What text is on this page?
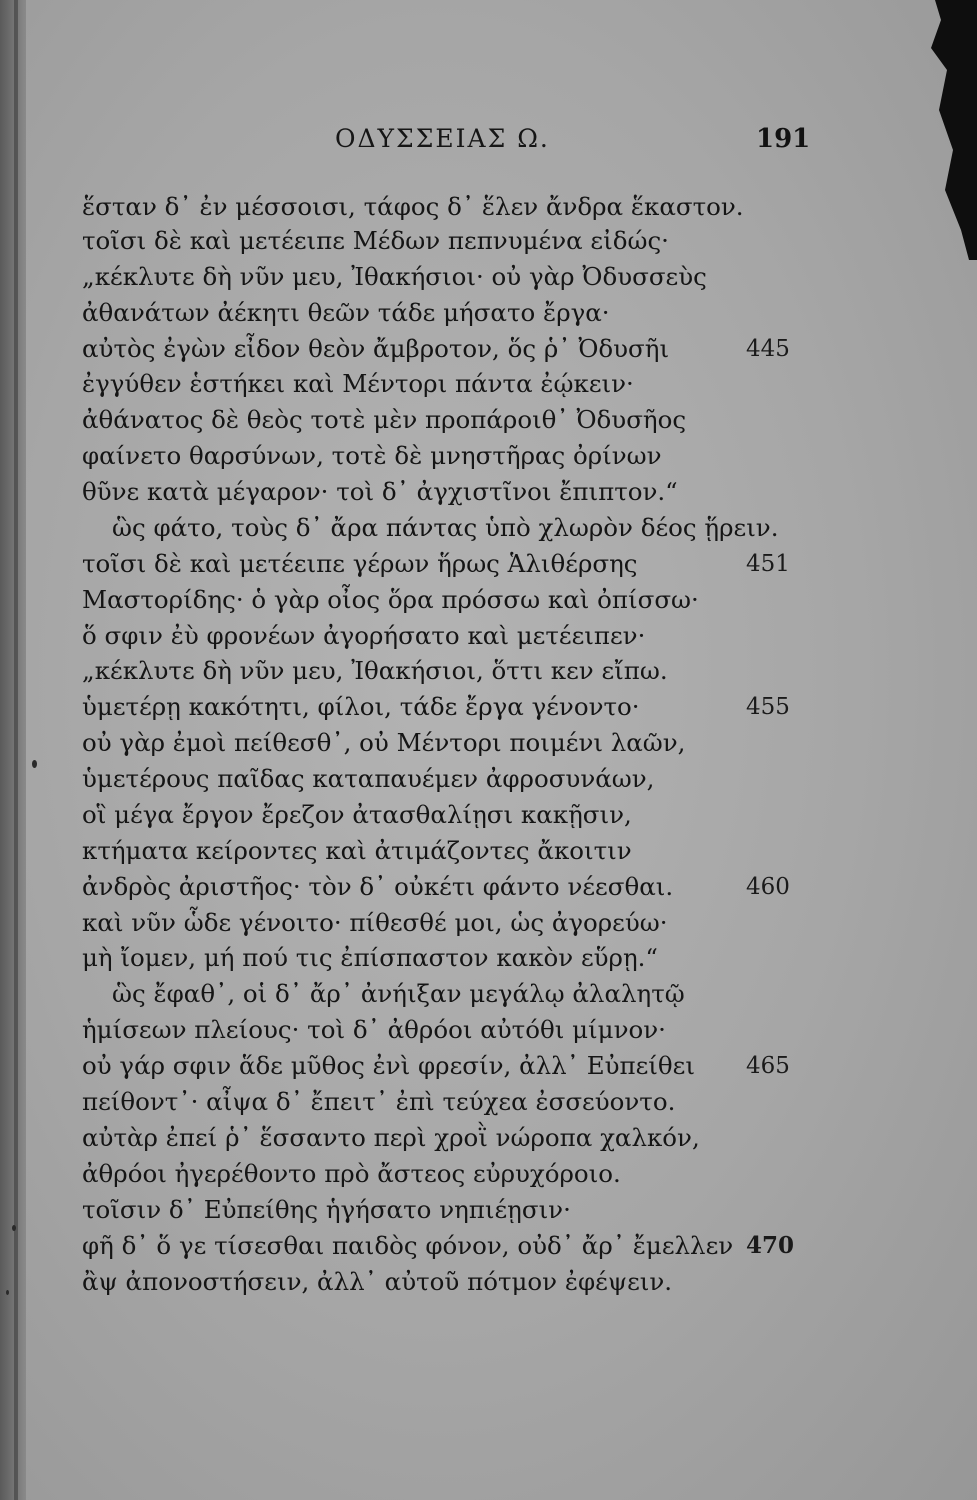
ΟΔΥΣΣΕΙΑΣ Ω.	191
ἕσταν δ᾽ ἐν μέσσοισι, τάφος δ᾽ ἕλεν ἄνδρα ἕκαστον.
τοῖσι δὲ καὶ μετέειπε Μέδων πεπνυμένα εἰδώς·
„κέκλυτε δὴ νῦν μευ, Ἰθακήσιοι· οὐ γὰρ Ὀδυσσεὺς
ἀθανάτων ἀέκητι θεῶν τάδε μήσατο ἔργα·
αὐτὸς ἐγὼν εἶδον θεὸν ἄμβροτον, ὅς ῥ᾽ Ὀδυσῆι	445
ἐγγύθεν ἑστήκει καὶ Μέντορι πάντα ἐῴκειν·
ἀθάνατος δὲ θεὸς τοτὲ μὲν προπάροιθ᾽ Ὀδυσῆος
φαίνετο θαρσύνων, τοτὲ δὲ μνηστῆρας ὀρίνων
θῦνε κατὰ μέγαρον· τοὶ δ᾽ ἀγχιστῖνοι ἔπιπτον.“
ὣς φάτο, τοὺς δ᾽ ἄρα πάντας ὑπὸ χλωρὸν δέος ᾕρειν.
τοῖσι δὲ καὶ μετέειπε γέρων ἥρως Ἁλιθέρσης	451
Μαστορίδης· ὁ γὰρ οἶος ὅρα πρόσσω καὶ ὀπίσσω·
ὅ σφιν ἐὺ φρονέων ἀγορήσατο καὶ μετέειπεν·
„κέκλυτε δὴ νῦν μευ, Ἰθακήσιοι, ὅττι κεν εἴπω.
ὑμετέρῃ κακότητι, φίλοι, τάδε ἔργα γένοντο·	455
οὐ γὰρ ἐμοὶ πείθεσθ᾽, οὐ Μέντορι ποιμένι λαῶν,
ὑμετέρους παῖδας καταπαυέμεν ἀφροσυνάων,
οἳ μέγα ἔργον ἔρεζον ἀτασθαλίῃσι κακῇσιν,
κτήματα κείροντες καὶ ἀτιμάζοντες ἄκοιτιν
ἀνδρὸς ἀριστῆος· τὸν δ᾽ οὐκέτι φάντο νέεσθαι.	460
καὶ νῦν ὧδε γένοιτο· πίθεσθέ μοι, ὡς ἀγορεύω·
μὴ ἴομεν, μή πού τις ἐπίσπαστον κακὸν εὕρῃ.“
ὣς ἔφαθ᾽, οἱ δ᾽ ἄρ᾽ ἀνήιξαν μεγάλῳ ἀλαλητῷ
ἡμίσεων πλείους· τοὶ δ᾽ ἀθρόοι αὐτόθι μίμνον·
οὐ γάρ σφιν ἅδε μῦθος ἐνὶ φρεσίν, ἀλλ᾽ Εὐπείθει 465
πείθοντ᾽· αἶψα δ᾽ ἔπειτ᾽ ἐπὶ τεύχεα ἐσσεύοντο.
αὐτὰρ ἐπεί ῥ᾽ ἕσσαντο περὶ χροῒ νώροπα χαλκόν,
ἀθρόοι ἠγερέθοντο πρὸ ἄστεος εὐρυχόροιο.
τοῖσιν δ᾽ Εὐπείθης ἡγήσατο νηπιέῃσιν·
φῆ δ᾽ ὅ γε τίσεσθαι παιδὸς φόνον, οὐδ᾽ ἄρ᾽ ἔμελλεν 470
ἂψ ἀπονοστήσειν, ἀλλ᾽ αὐτοῦ πότμον ἐφέψειν.
